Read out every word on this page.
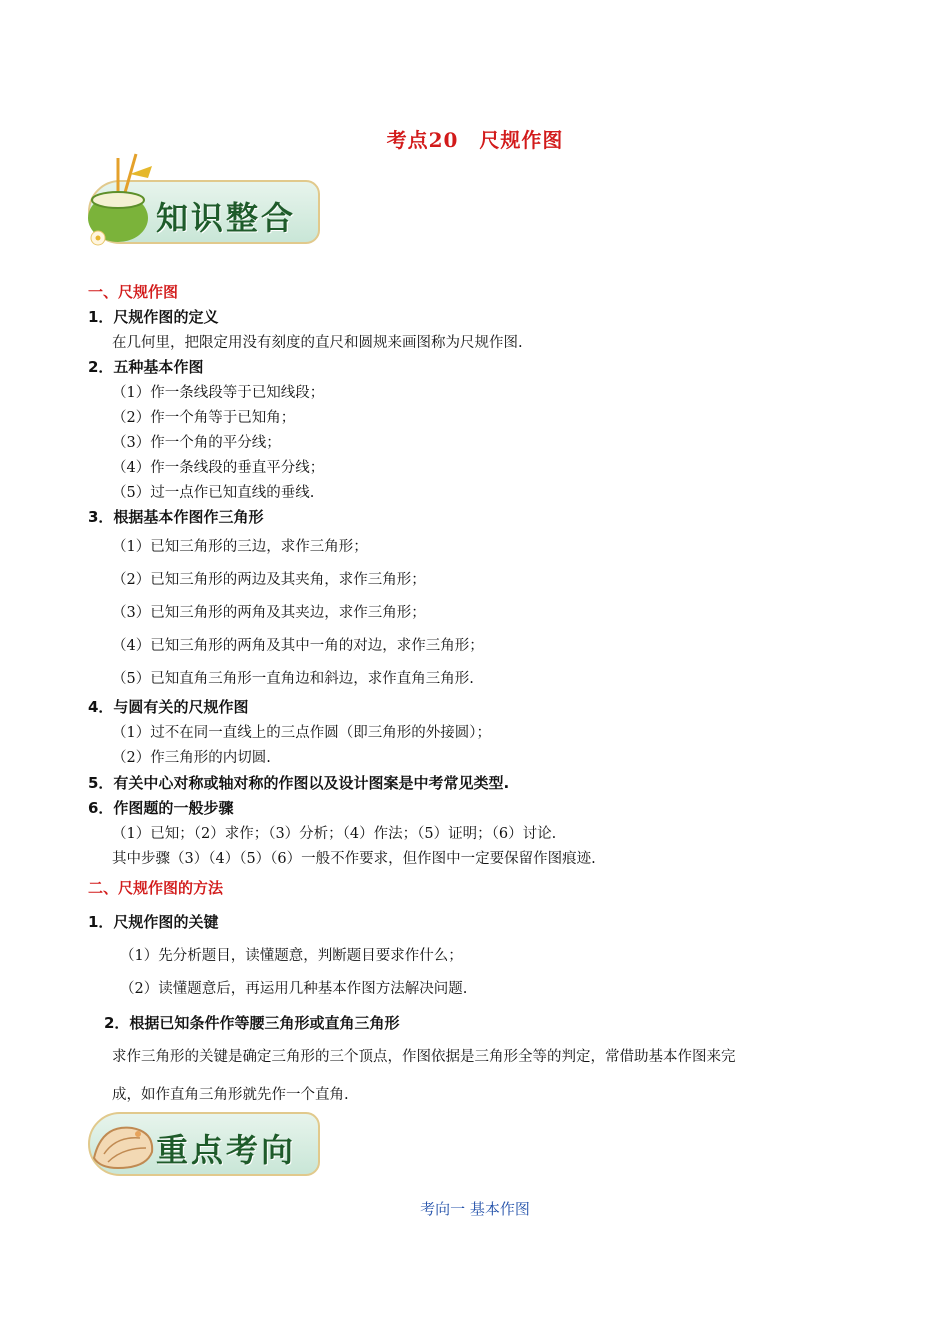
考点20　尺规作图
知识整合
一、尺规作图
1．尺规作图的定义
在几何里，把限定用没有刻度的直尺和圆规来画图称为尺规作图.
2．五种基本作图
（1）作一条线段等于已知线段；
（2）作一个角等于已知角；
（3）作一个角的平分线；
（4）作一条线段的垂直平分线；
（5）过一点作已知直线的垂线.
3．根据基本作图作三角形
（1）已知三角形的三边，求作三角形；
（2）已知三角形的两边及其夹角，求作三角形；
（3）已知三角形的两角及其夹边，求作三角形；
（4）已知三角形的两角及其中一角的对边，求作三角形；
（5）已知直角三角形一直角边和斜边，求作直角三角形.
4．与圆有关的尺规作图
（1）过不在同一直线上的三点作圆（即三角形的外接圆）；
（2）作三角形的内切圆.
5．有关中心对称或轴对称的作图以及设计图案是中考常见类型.
6．作图题的一般步骤
（1）已知；（2）求作；（3）分析；（4）作法；（5）证明；（6）讨论.
其中步骤（3）（4）（5）（6）一般不作要求，但作图中一定要保留作图痕迹.
二、尺规作图的方法
1．尺规作图的关键
（1）先分析题目，读懂题意，判断题目要求作什么；
（2）读懂题意后，再运用几种基本作图方法解决问题.
2．根据已知条件作等腰三角形或直角三角形
求作三角形的关键是确定三角形的三个顶点，作图依据是三角形全等的判定，常借助基本作图来完
成，如作直角三角形就先作一个直角.
重点考向
考向一 基本作图
